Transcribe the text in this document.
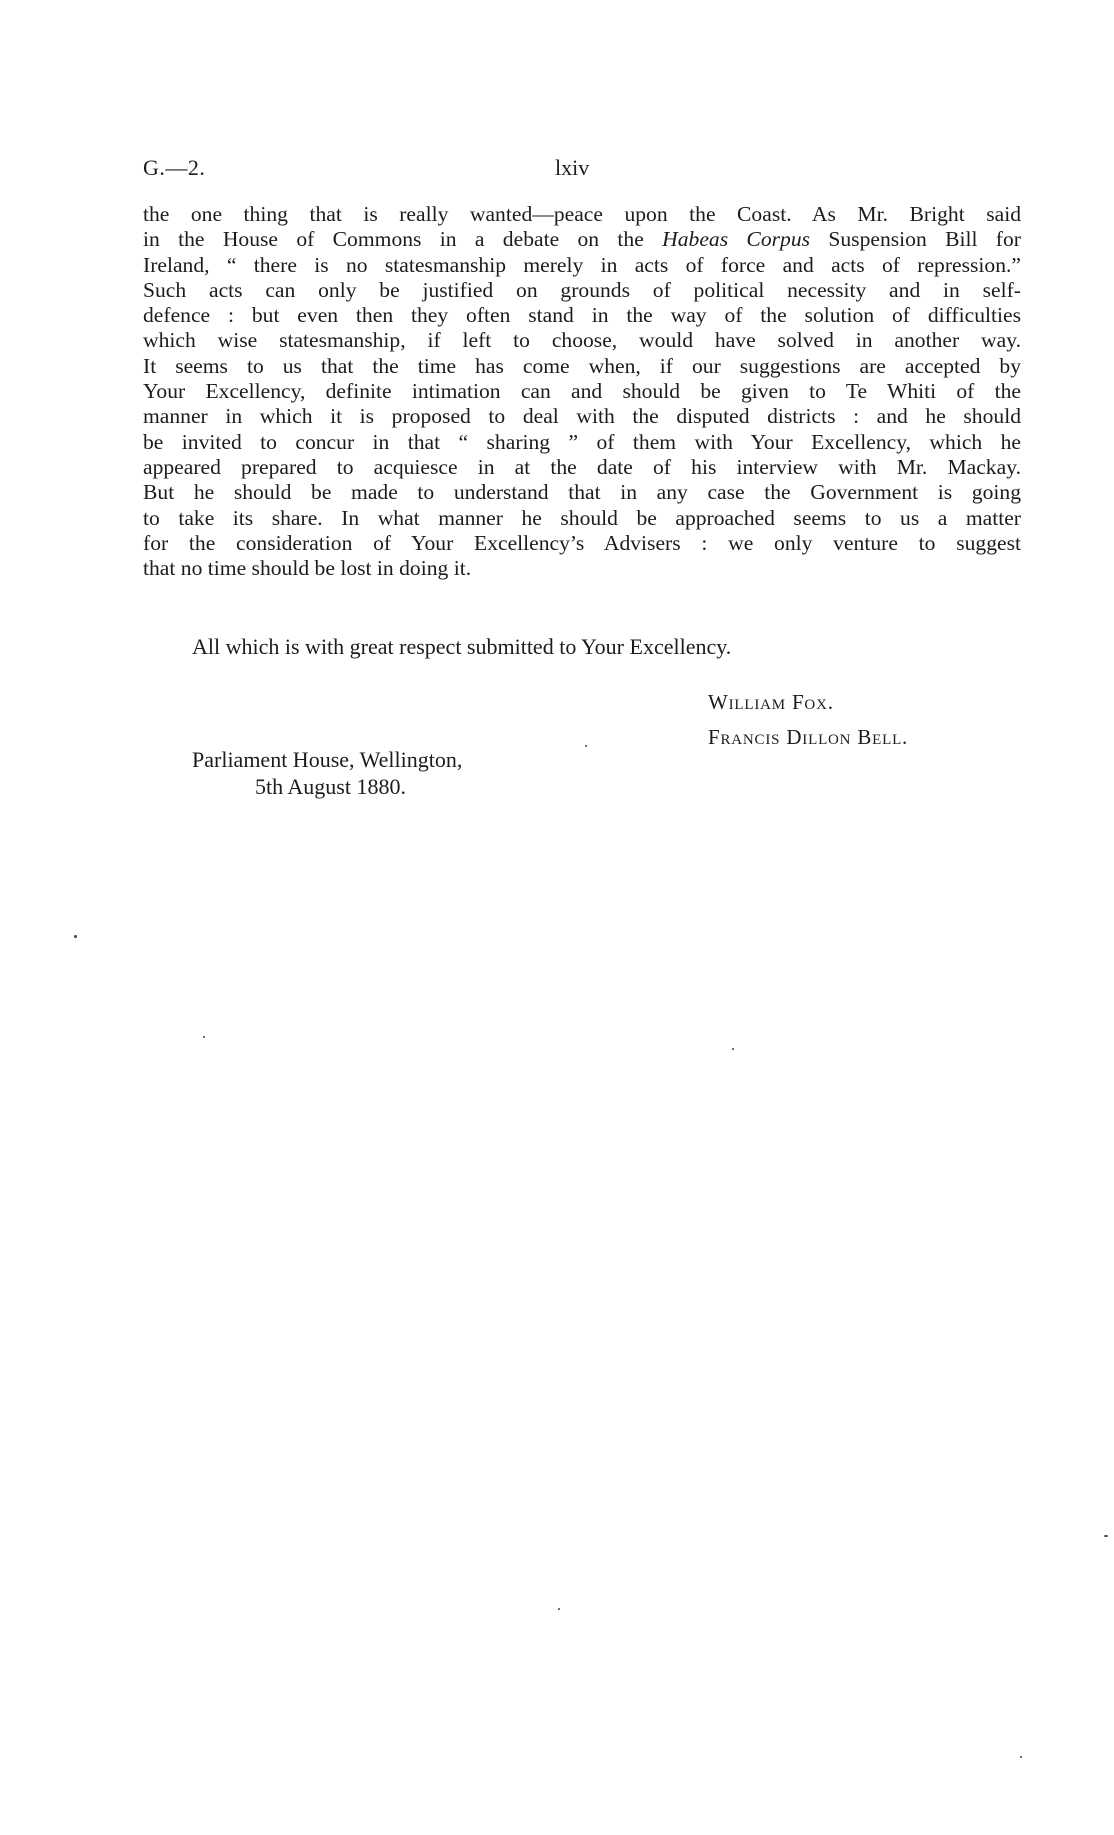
G.—2.	lxiv
the one thing that is really wanted—peace upon the Coast. As Mr. Bright said
in the House of Commons in a debate on the Habeas Corpus Suspension Bill for
Ireland, “ there is no statesmanship merely in acts of force and acts of repression.”
Such acts can only be justified on grounds of political necessity and in self-
defence : but even then they often stand in the way of the solution of difficulties
which wise statesmanship, if left to choose, would have solved in another way.
It seems to us that the time has come when, if our suggestions are accepted by
Your Excellency, definite intimation can and should be given to Te Whiti of the
manner in which it is proposed to deal with the disputed districts : and he should
be invited to concur in that “ sharing ” of them with Your Excellency, which he
appeared prepared to acquiesce in at the date of his interview with Mr. Mackay.
But he should be made to understand that in any case the Government is going
to take its share. In what manner he should be approached seems to us a matter
for the consideration of Your Excellency’s Advisers : we only venture to suggest
that no time should be lost in doing it.
All which is with great respect submitted to Your Excellency.
William Fox.
Francis Dillon Bell.
Parliament House, Wellington,
5th August 1880.
